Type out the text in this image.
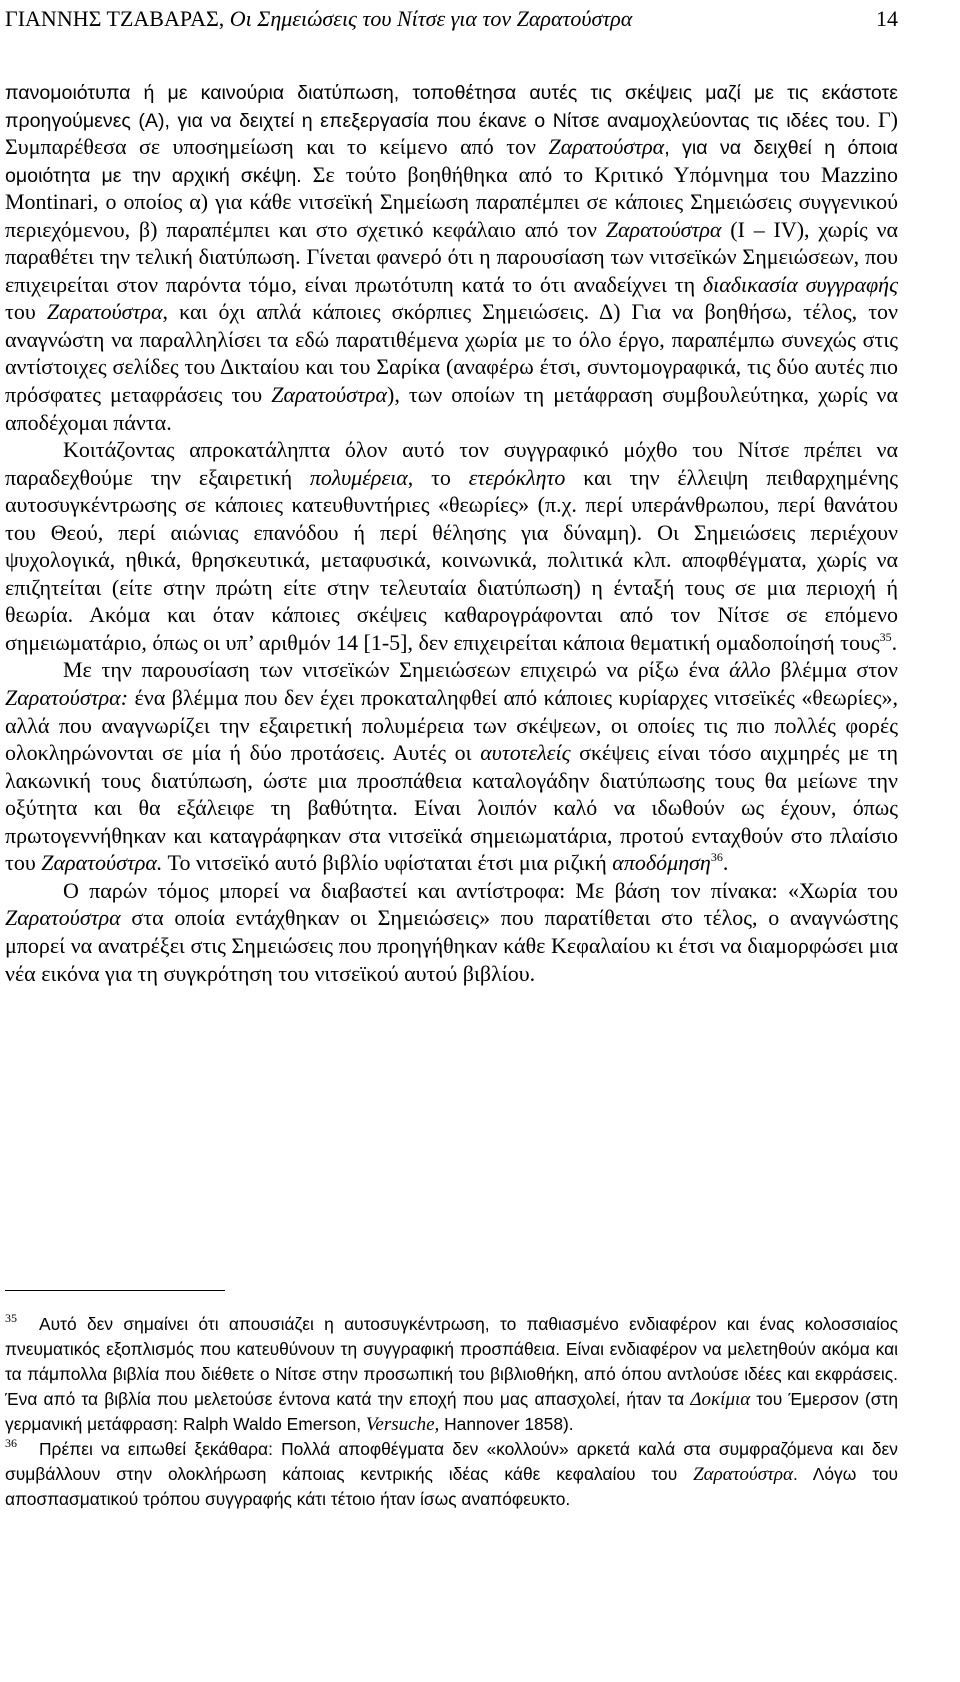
ΓΙΑΝΝΗΣ ΤΖΑΒΑΡΑΣ, Οι Σημειώσεις του Νίτσε για τον Ζαρατούστρα	14

πανομοιότυπα ή με καινούρια διατύπωση, τοποθέτησα αυτές τις σκέψεις μαζί με τις εκάστοτε προηγούμενες (Α), για να δειχτεί η επεξεργασία που έκανε ο Νίτσε αναμοχλεύοντας τις ιδέες του. Γ) Συμπαρέθεσα σε υποσημείωση και το κείμενο από τον Ζαρατούστρα, για να δειχθεί η όποια ομοιότητα με την αρχική σκέψη. Σε τούτο βοηθήθηκα από το Κριτικό Υπόμνημα του Mazzino Montinari, ο οποίος α) για κάθε νιτσεϊκή Σημείωση παραπέμπει σε κάποιες Σημειώσεις συγγενικού περιεχόμενου, β) παραπέμπει και στο σχετικό κεφάλαιο από τον Ζαρατούστρα (Ι – ΙV), χωρίς να παραθέτει την τελική διατύπωση. Γίνεται φανερό ότι η παρουσίαση των νιτσεϊκών Σημειώσεων, που επιχειρείται στον παρόντα τόμο, είναι πρωτότυπη κατά το ότι αναδείχνει τη διαδικασία συγγραφής του Ζαρατούστρα, και όχι απλά κάποιες σκόρπιες Σημειώσεις. Δ) Για να βοηθήσω, τέλος, τον αναγνώστη να παραλληλίσει τα εδώ παρατιθέμενα χωρία με το όλο έργο, παραπέμπω συνεχώς στις αντίστοιχες σελίδες του Δικταίου και του Σαρίκα (αναφέρω έτσι, συντομογραφικά, τις δύο αυτές πιο πρόσφατες μεταφράσεις του Ζαρατούστρα), των οποίων τη μετάφραση συμβουλεύτηκα, χωρίς να αποδέχομαι πάντα.

Κοιτάζοντας απροκατάληπτα όλον αυτό τον συγγραφικό μόχθο του Νίτσε πρέπει να παραδεχθούμε την εξαιρετική πολυμέρεια, το ετερόκλητο και την έλλειψη πειθαρχημένης αυτοσυγκέντρωσης σε κάποιες κατευθυντήριες «θεωρίες» (π.χ. περί υπεράνθρωπου, περί θανάτου του Θεού, περί αιώνιας επανόδου ή περί θέλησης για δύναμη). Οι Σημειώσεις περιέχουν ψυχολογικά, ηθικά, θρησκευτικά, μεταφυσικά, κοινωνικά, πολιτικά κλπ. αποφθέγματα, χωρίς να επιζητείται (είτε στην πρώτη είτε στην τελευταία διατύπωση) η ένταξή τους σε μια περιοχή ή θεωρία. Ακόμα και όταν κάποιες σκέψεις καθαρογράφονται από τον Νίτσε σε επόμενο σημειωματάριο, όπως οι υπ’ αριθμόν 14 [1-5], δεν επιχειρείται κάποια θεματική ομαδοποίησή τους$^{35}$.

Με την παρουσίαση των νιτσεϊκών Σημειώσεων επιχειρώ να ρίξω ένα άλλο βλέμμα στον Ζαρατούστρα: ένα βλέμμα που δεν έχει προκαταληφθεί από κάποιες κυρίαρχες νιτσεϊκές «θεωρίες», αλλά που αναγνωρίζει την εξαιρετική πολυμέρεια των σκέψεων, οι οποίες τις πιο πολλές φορές ολοκληρώνονται σε μία ή δύο προτάσεις. Αυτές οι αυτοτελείς σκέψεις είναι τόσο αιχμηρές με τη λακωνική τους διατύπωση, ώστε μια προσπάθεια καταλογάδην διατύπωσης τους θα μείωνε την οξύτητα και θα εξάλειφε τη βαθύτητα. Είναι λοιπόν καλό να ιδωθούν ως έχουν, όπως πρωτογεννήθηκαν και καταγράφηκαν στα νιτσεϊκά σημειωματάρια, προτού ενταχθούν στο πλαίσιο του Ζαρατούστρα. Το νιτσεϊκό αυτό βιβλίο υφίσταται έτσι μια ριζική αποδόμηση$^{36}$.

Ο παρών τόμος μπορεί να διαβαστεί και αντίστροφα: Με βάση τον πίνακα: «Χωρία του Ζαρατούστρα στα οποία εντάχθηκαν οι Σημειώσεις» που παρατίθεται στο τέλος, ο αναγνώστης μπορεί να ανατρέξει στις Σημειώσεις που προηγήθηκαν κάθε Κεφαλαίου κι έτσι να διαμορφώσει μια νέα εικόνα για τη συγκρότηση του νιτσεϊκού αυτού βιβλίου.

$^{35}$ Αυτό δεν σημαίνει ότι απουσιάζει η αυτοσυγκέντρωση, το παθιασμένο ενδιαφέρον και ένας κολοσσιαίος πνευματικός εξοπλισμός που κατευθύνουν τη συγγραφική προσπάθεια. Είναι ενδιαφέρον να μελετηθούν ακόμα και τα πάμπολλα βιβλία που διέθετε ο Νίτσε στην προσωπική του βιβλιοθήκη, από όπου αντλούσε ιδέες και εκφράσεις. Ένα από τα βιβλία που μελετούσε έντονα κατά την εποχή που μας απασχολεί, ήταν τα Δοκίμια του Έμερσον (στη γερμανική μετάφραση: Ralph Waldo Emerson, Versuche, Hannover 1858).

$^{36}$ Πρέπει να ειπωθεί ξεκάθαρα: Πολλά αποφθέγματα δεν «κολλούν» αρκετά καλά στα συμφραζόμενα και δεν συμβάλλουν στην ολοκλήρωση κάποιας κεντρικής ιδέας κάθε κεφαλαίου του Ζαρατούστρα. Λόγω του αποσπασματικού τρόπου συγγραφής κάτι τέτοιο ήταν ίσως αναπόφευκτο.
